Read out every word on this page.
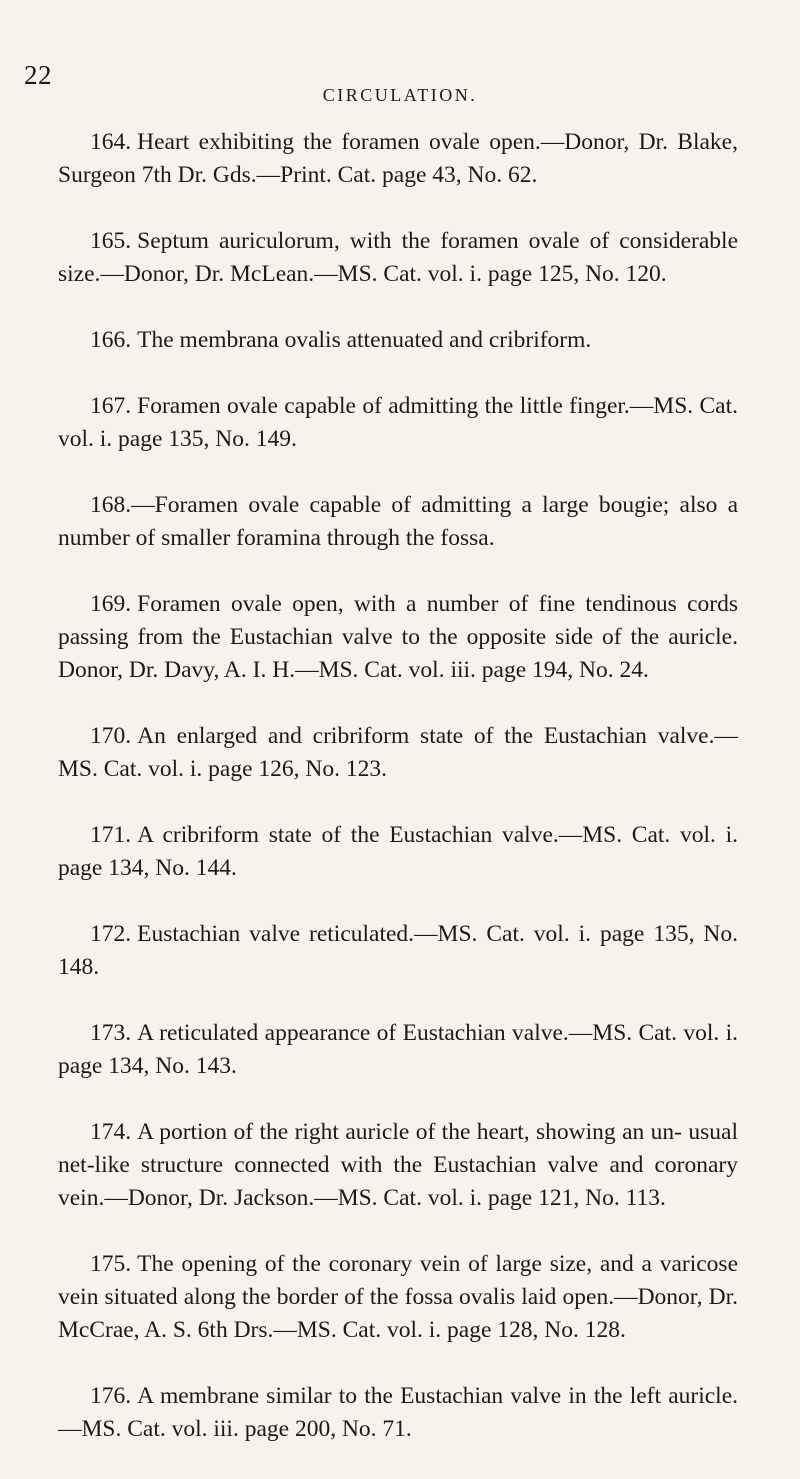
22
CIRCULATION.

164. Heart exhibiting the foramen ovale open.—Donor, Dr. Blake, Surgeon 7th Dr. Gds.—Print. Cat. page 43, No. 62.

165. Septum auriculorum, with the foramen ovale of considerable size.—Donor, Dr. McLean.—MS. Cat. vol. i. page 125, No. 120.

166. The membrana ovalis attenuated and cribriform.

167. Foramen ovale capable of admitting the little finger.—MS. Cat. vol. i. page 135, No. 149.

168.—Foramen ovale capable of admitting a large bougie; also a number of smaller foramina through the fossa.

169. Foramen ovale open, with a number of fine tendinous cords passing from the Eustachian valve to the opposite side of the auricle. Donor, Dr. Davy, A. I. H.—MS. Cat. vol. iii. page 194, No. 24.

170. An enlarged and cribriform state of the Eustachian valve.— MS. Cat. vol. i. page 126, No. 123.

171. A cribriform state of the Eustachian valve.—MS. Cat. vol. i. page 134, No. 144.

172. Eustachian valve reticulated.—MS. Cat. vol. i. page 135, No. 148.

173. A reticulated appearance of Eustachian valve.—MS. Cat. vol. i. page 134, No. 143.

174. A portion of the right auricle of the heart, showing an un- usual net-like structure connected with the Eustachian valve and coronary vein.—Donor, Dr. Jackson.—MS. Cat. vol. i. page 121, No. 113.

175. The opening of the coronary vein of large size, and a varicose vein situated along the border of the fossa ovalis laid open.—Donor, Dr. McCrae, A. S. 6th Drs.—MS. Cat. vol. i. page 128, No. 128.

176. A membrane similar to the Eustachian valve in the left auricle.—MS. Cat. vol. iii. page 200, No. 71.
